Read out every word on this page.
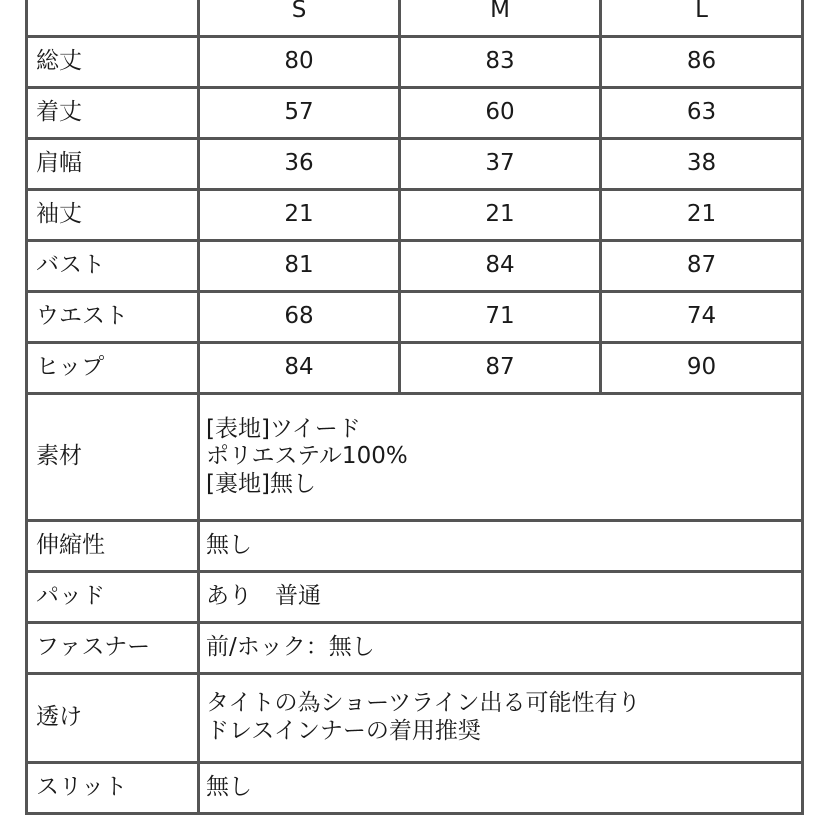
	S	M	L
総丈	80	83	86
着丈	57	60	63
肩幅	36	37	38
袖丈	21	21	21
バスト	81	84	87
ウエスト	68	71	74
ヒップ	84	87	90
素材	[表地]ツイード
ポリエステル100%
[裏地]無し		

伸縮性	無し		
パッド	あり　普通		
ファスナー	前/ホック：無し		
透け	タイトの為ショーツライン出る可能性有り
ドレスインナーの着用推奨		

スリット	無し		
